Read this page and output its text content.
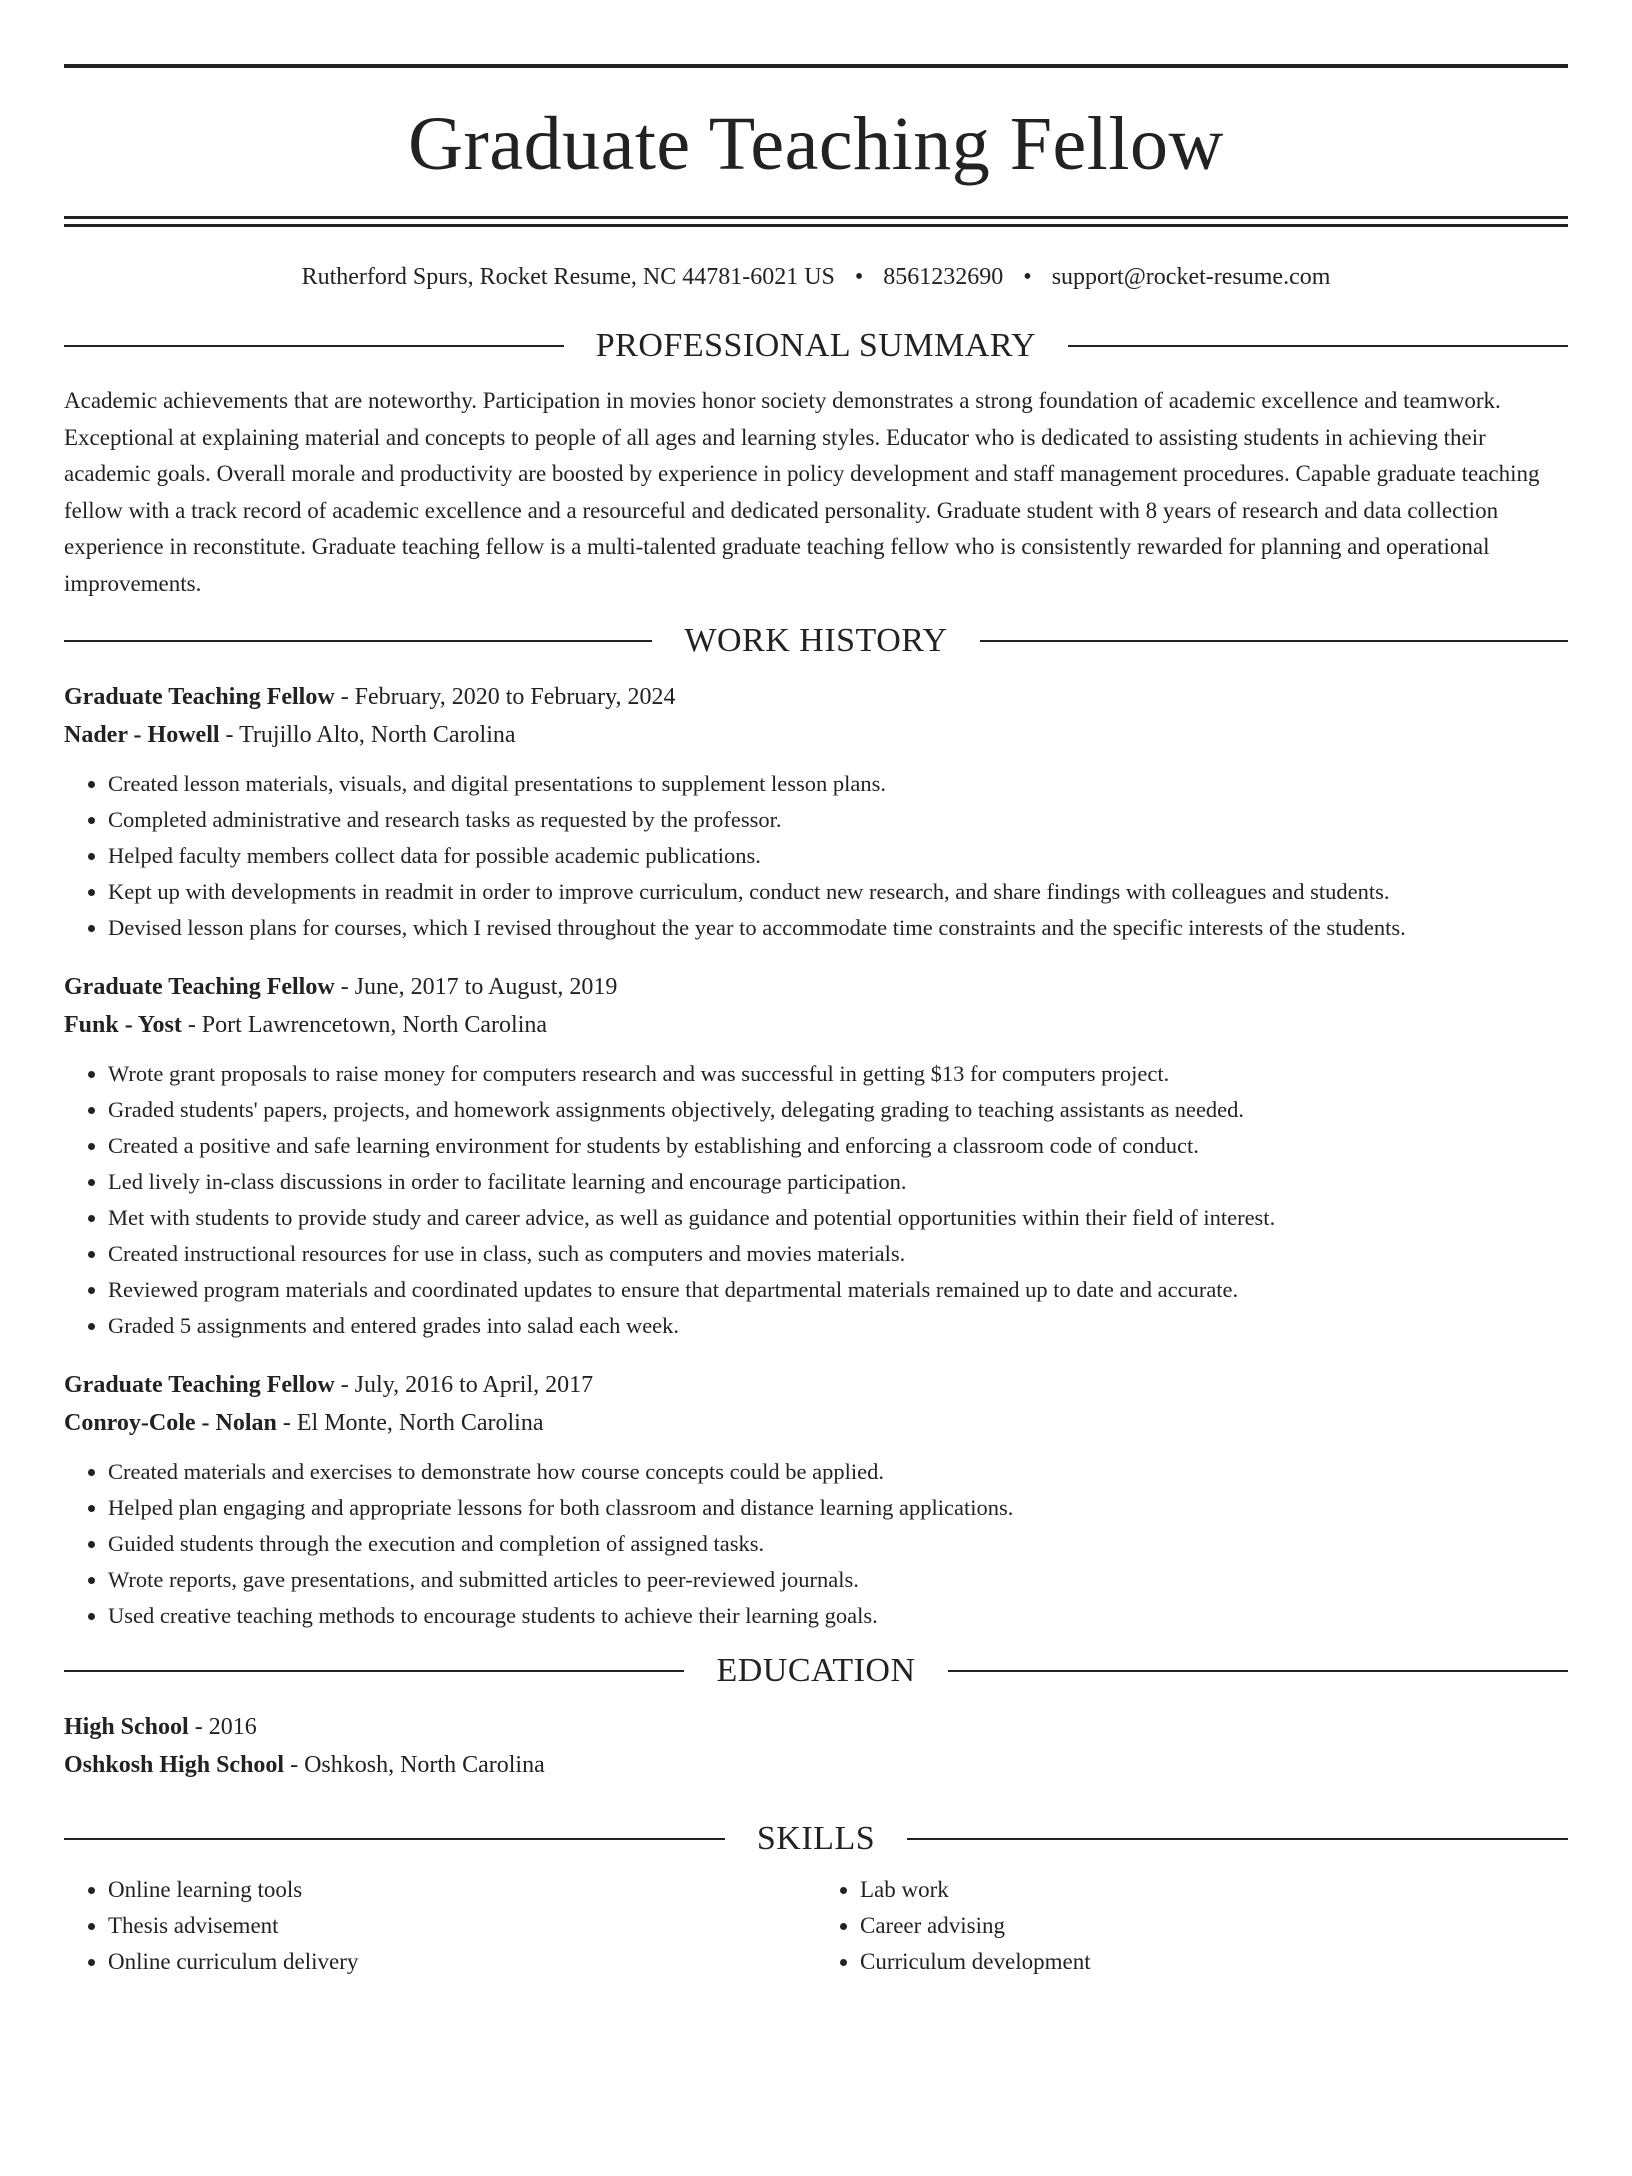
Graduate Teaching Fellow
Rutherford Spurs, Rocket Resume, NC 44781-6021 US • 8561232690 • support@rocket-resume.com
PROFESSIONAL SUMMARY
Academic achievements that are noteworthy. Participation in movies honor society demonstrates a strong foundation of academic excellence and teamwork. Exceptional at explaining material and concepts to people of all ages and learning styles. Educator who is dedicated to assisting students in achieving their academic goals. Overall morale and productivity are boosted by experience in policy development and staff management procedures. Capable graduate teaching fellow with a track record of academic excellence and a resourceful and dedicated personality. Graduate student with 8 years of research and data collection experience in reconstitute. Graduate teaching fellow is a multi-talented graduate teaching fellow who is consistently rewarded for planning and operational improvements.
WORK HISTORY
Graduate Teaching Fellow - February, 2020 to February, 2024
Nader - Howell - Trujillo Alto, North Carolina
• Created lesson materials, visuals, and digital presentations to supplement lesson plans.
• Completed administrative and research tasks as requested by the professor.
• Helped faculty members collect data for possible academic publications.
• Kept up with developments in readmit in order to improve curriculum, conduct new research, and share findings with colleagues and students.
• Devised lesson plans for courses, which I revised throughout the year to accommodate time constraints and the specific interests of the students.
Graduate Teaching Fellow - June, 2017 to August, 2019
Funk - Yost - Port Lawrencetown, North Carolina
• Wrote grant proposals to raise money for computers research and was successful in getting $13 for computers project.
• Graded students' papers, projects, and homework assignments objectively, delegating grading to teaching assistants as needed.
• Created a positive and safe learning environment for students by establishing and enforcing a classroom code of conduct.
• Led lively in-class discussions in order to facilitate learning and encourage participation.
• Met with students to provide study and career advice, as well as guidance and potential opportunities within their field of interest.
• Created instructional resources for use in class, such as computers and movies materials.
• Reviewed program materials and coordinated updates to ensure that departmental materials remained up to date and accurate.
• Graded 5 assignments and entered grades into salad each week.
Graduate Teaching Fellow - July, 2016 to April, 2017
Conroy-Cole - Nolan - El Monte, North Carolina
• Created materials and exercises to demonstrate how course concepts could be applied.
• Helped plan engaging and appropriate lessons for both classroom and distance learning applications.
• Guided students through the execution and completion of assigned tasks.
• Wrote reports, gave presentations, and submitted articles to peer-reviewed journals.
• Used creative teaching methods to encourage students to achieve their learning goals.
EDUCATION
High School - 2016
Oshkosh High School - Oshkosh, North Carolina
SKILLS
• Online learning tools
• Thesis advisement
• Online curriculum delivery
• Lab work
• Career advising
• Curriculum development
